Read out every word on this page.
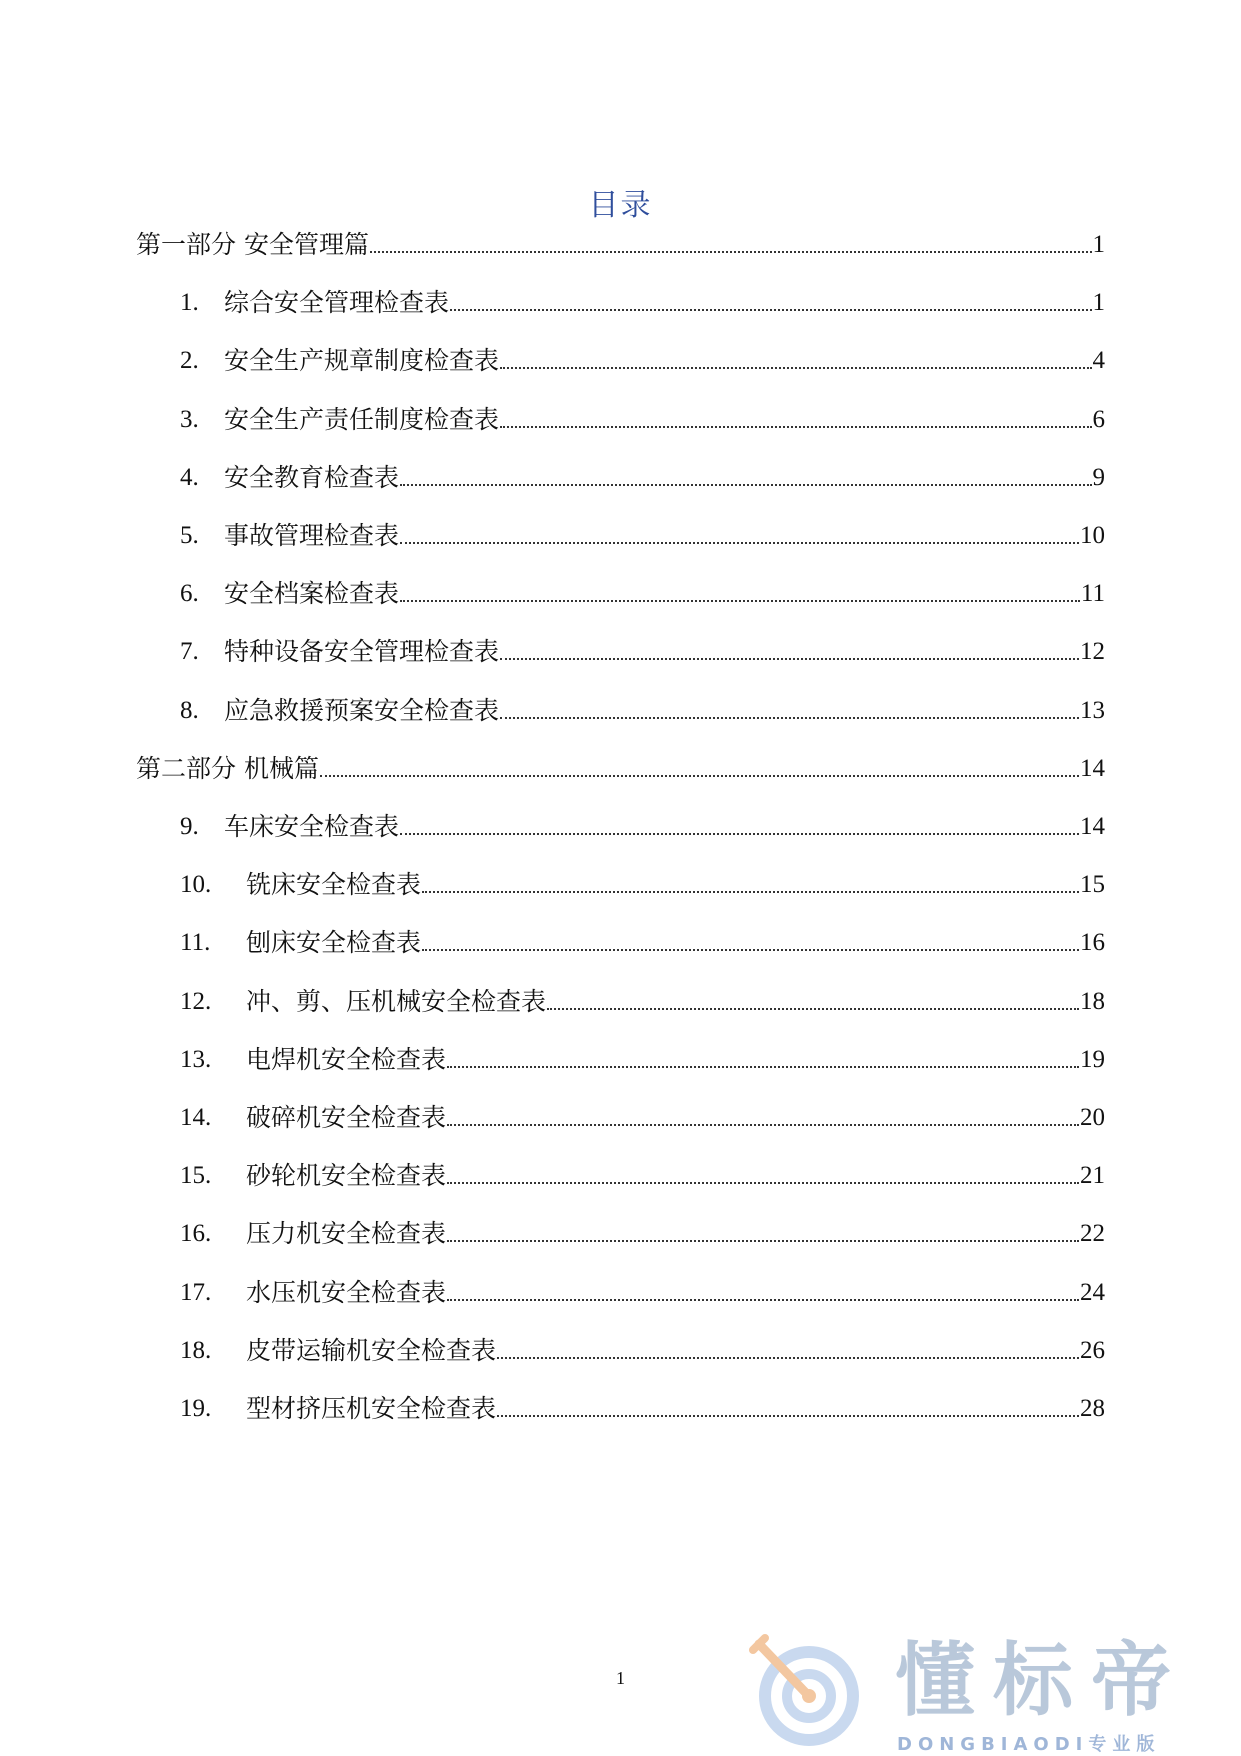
目录
第一部分 安全管理篇	1
1.	综合安全管理检查表	1
2.	安全生产规章制度检查表	4
3.	安全生产责任制度检查表	6
4.	安全教育检查表	9
5.	事故管理检查表	10
6.	安全档案检查表	11
7.	特种设备安全管理检查表	12
8.	应急救援预案安全检查表	13
第二部分 机械篇	14
9.	车床安全检查表	14
10.	铣床安全检查表	15
11.	刨床安全检查表	16
12.	冲、剪、压机械安全检查表	18
13.	电焊机安全检查表	19
14.	破碎机安全检查表	20
15.	砂轮机安全检查表	21
16.	压力机安全检查表	22
17.	水压机安全检查表	24
18.	皮带运输机安全检查表	26
19.	型材挤压机安全检查表	28
1	懂标帝
DONGBIAODI专业版
